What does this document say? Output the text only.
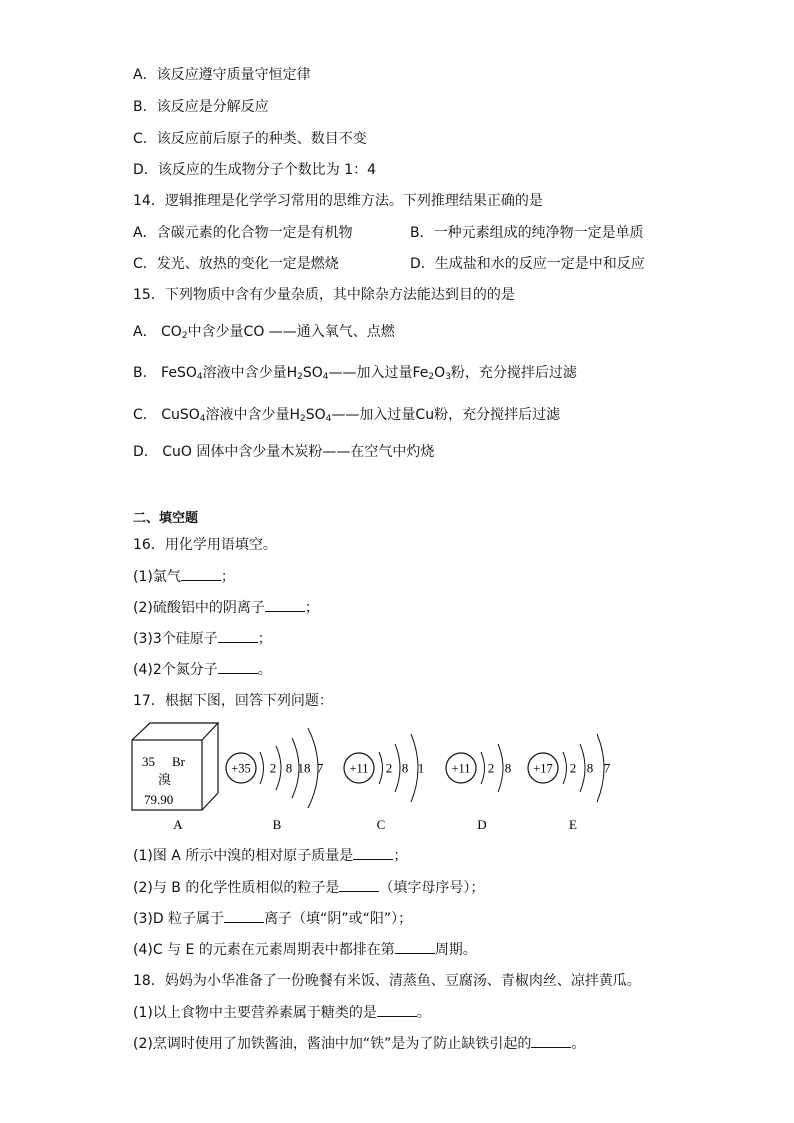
A．该反应遵守质量守恒定律
B．该反应是分解反应
C．该反应前后原子的种类、数目不变
D．该反应的生成物分子个数比为 1：4
14．逻辑推理是化学学习常用的思维方法。下列推理结果正确的是
A．含碳元素的化合物一定是有机物	B．一种元素组成的纯净物一定是单质
C．发光、放热的变化一定是燃烧	D．生成盐和水的反应一定是中和反应
15．下列物质中含有少量杂质，其中除杂方法能达到目的的是
A． $CO_2$中含少量CO ——通入氧气、点燃
B． FeSO$_4$溶液中含少量$H_2SO_4——$加入过量$Fe_2O_3$粉，充分搅拌后过滤
C． CuSO$_4$溶液中含少量$H_2SO_4——$加入过量Cu粉，充分搅拌后过滤
D． CuO 固体中含少量木炭粉——在空气中灼烧
二、填空题
16．用化学用语填空。
(1)氯气	；
(2)硫酸铝中的阴离子	；
(3)3个硅原子	；
(4)2个氮分子	。
17．根据下图，回答下列问题：
35 Br
溴
79.90
+35 2 8 18 7 +11 2 8 1 +11 2 8 +17 2 8 7
A	B	C	D	E
(1)图 A 所示中溴的相对原子质量是	；
(2)与 B 的化学性质相似的粒子是	（填字母序号）；
(3)D 粒子属于	离子（填“阴”或“阳”）；
(4)C 与 E 的元素在元素周期表中都排在第	周期。
18．妈妈为小华准备了一份晚餐有米饭、清蒸鱼、豆腐汤、青椒肉丝、凉拌黄瓜。
(1)以上食物中主要营养素属于糖类的是	。
(2)烹调时使用了加铁酱油，酱油中加“铁”是为了防止缺铁引起的	。
